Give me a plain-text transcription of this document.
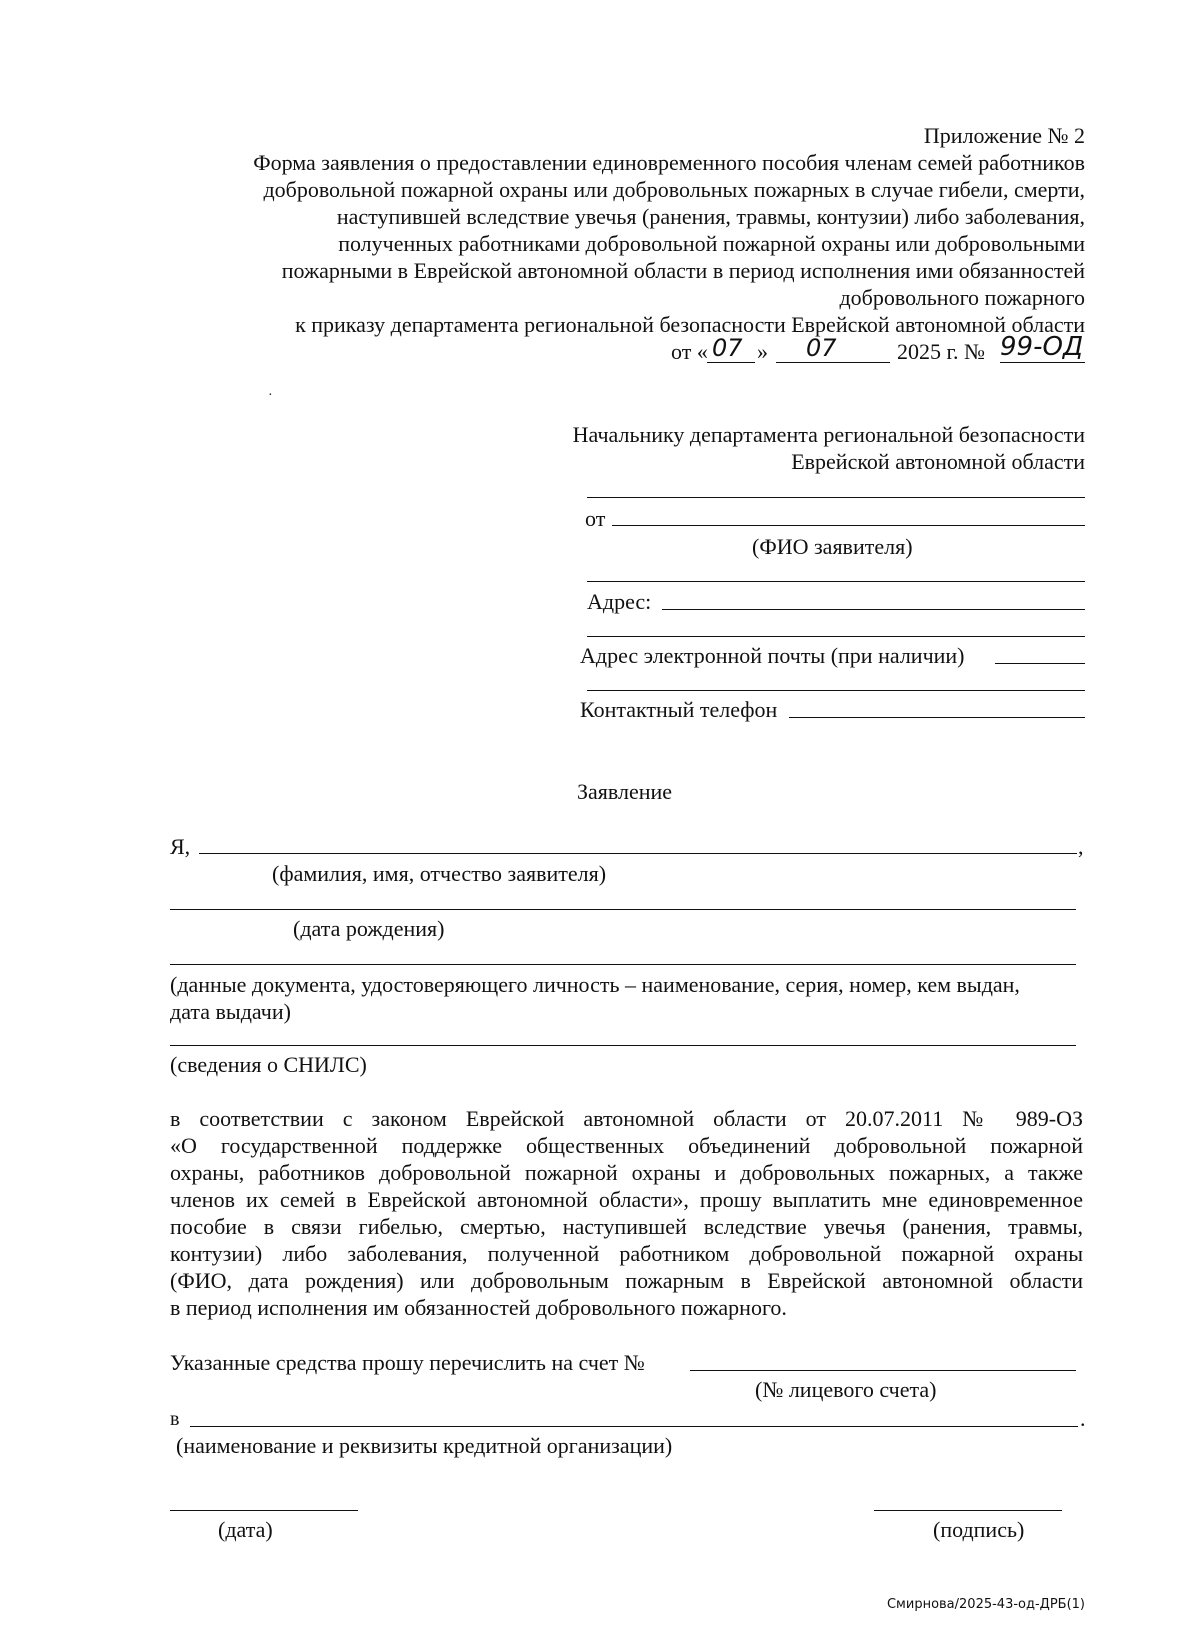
Приложение № 2
Форма заявления о предоставлении единовременного пособия членам семей работников
добровольной пожарной охраны или добровольных пожарных в случае гибели, смерти,
наступившей вследствие увечья (ранения, травмы, контузии) либо заболевания,
полученных работниками добровольной пожарной охраны или добровольными
пожарными в Еврейской автономной области в период исполнения ими обязанностей
добровольного пожарного
к приказу департамента региональной безопасности Еврейской автономной области
от « 07 » 07	2025 г. № 99-ОД
·
Начальнику департамента региональной безопасности
Еврейской автономной области
от
(ФИО заявителя)
Адрес:
Адрес электронной почты (при наличии)
Контактный телефон
Заявление
Я,	,
(фамилия, имя, отчество заявителя)
(дата рождения)
(данные документа, удостоверяющего личность – наименование, серия, номер, кем выдан,
дата выдачи)
(сведения о СНИЛС)
в соответствии с законом Еврейской автономной области от 20.07.2011 № 989-ОЗ
«О государственной поддержке общественных объединений добровольной пожарной
охраны, работников добровольной пожарной охраны и добровольных пожарных, а также
членов их семей в Еврейской автономной области», прошу выплатить мне единовременное
пособие в связи гибелью, смертью, наступившей вследствие увечья (ранения, травмы,
контузии) либо заболевания, полученной работником добровольной пожарной охраны
(ФИО, дата рождения) или добровольным пожарным в Еврейской автономной области
в период исполнения им обязанностей добровольного пожарного.
Указанные средства прошу перечислить на счет №
(№ лицевого счета)
в	.
(наименование и реквизиты кредитной организации)
(дата)	(подпись)
Смирнова/2025-43-од-ДРБ(1)
